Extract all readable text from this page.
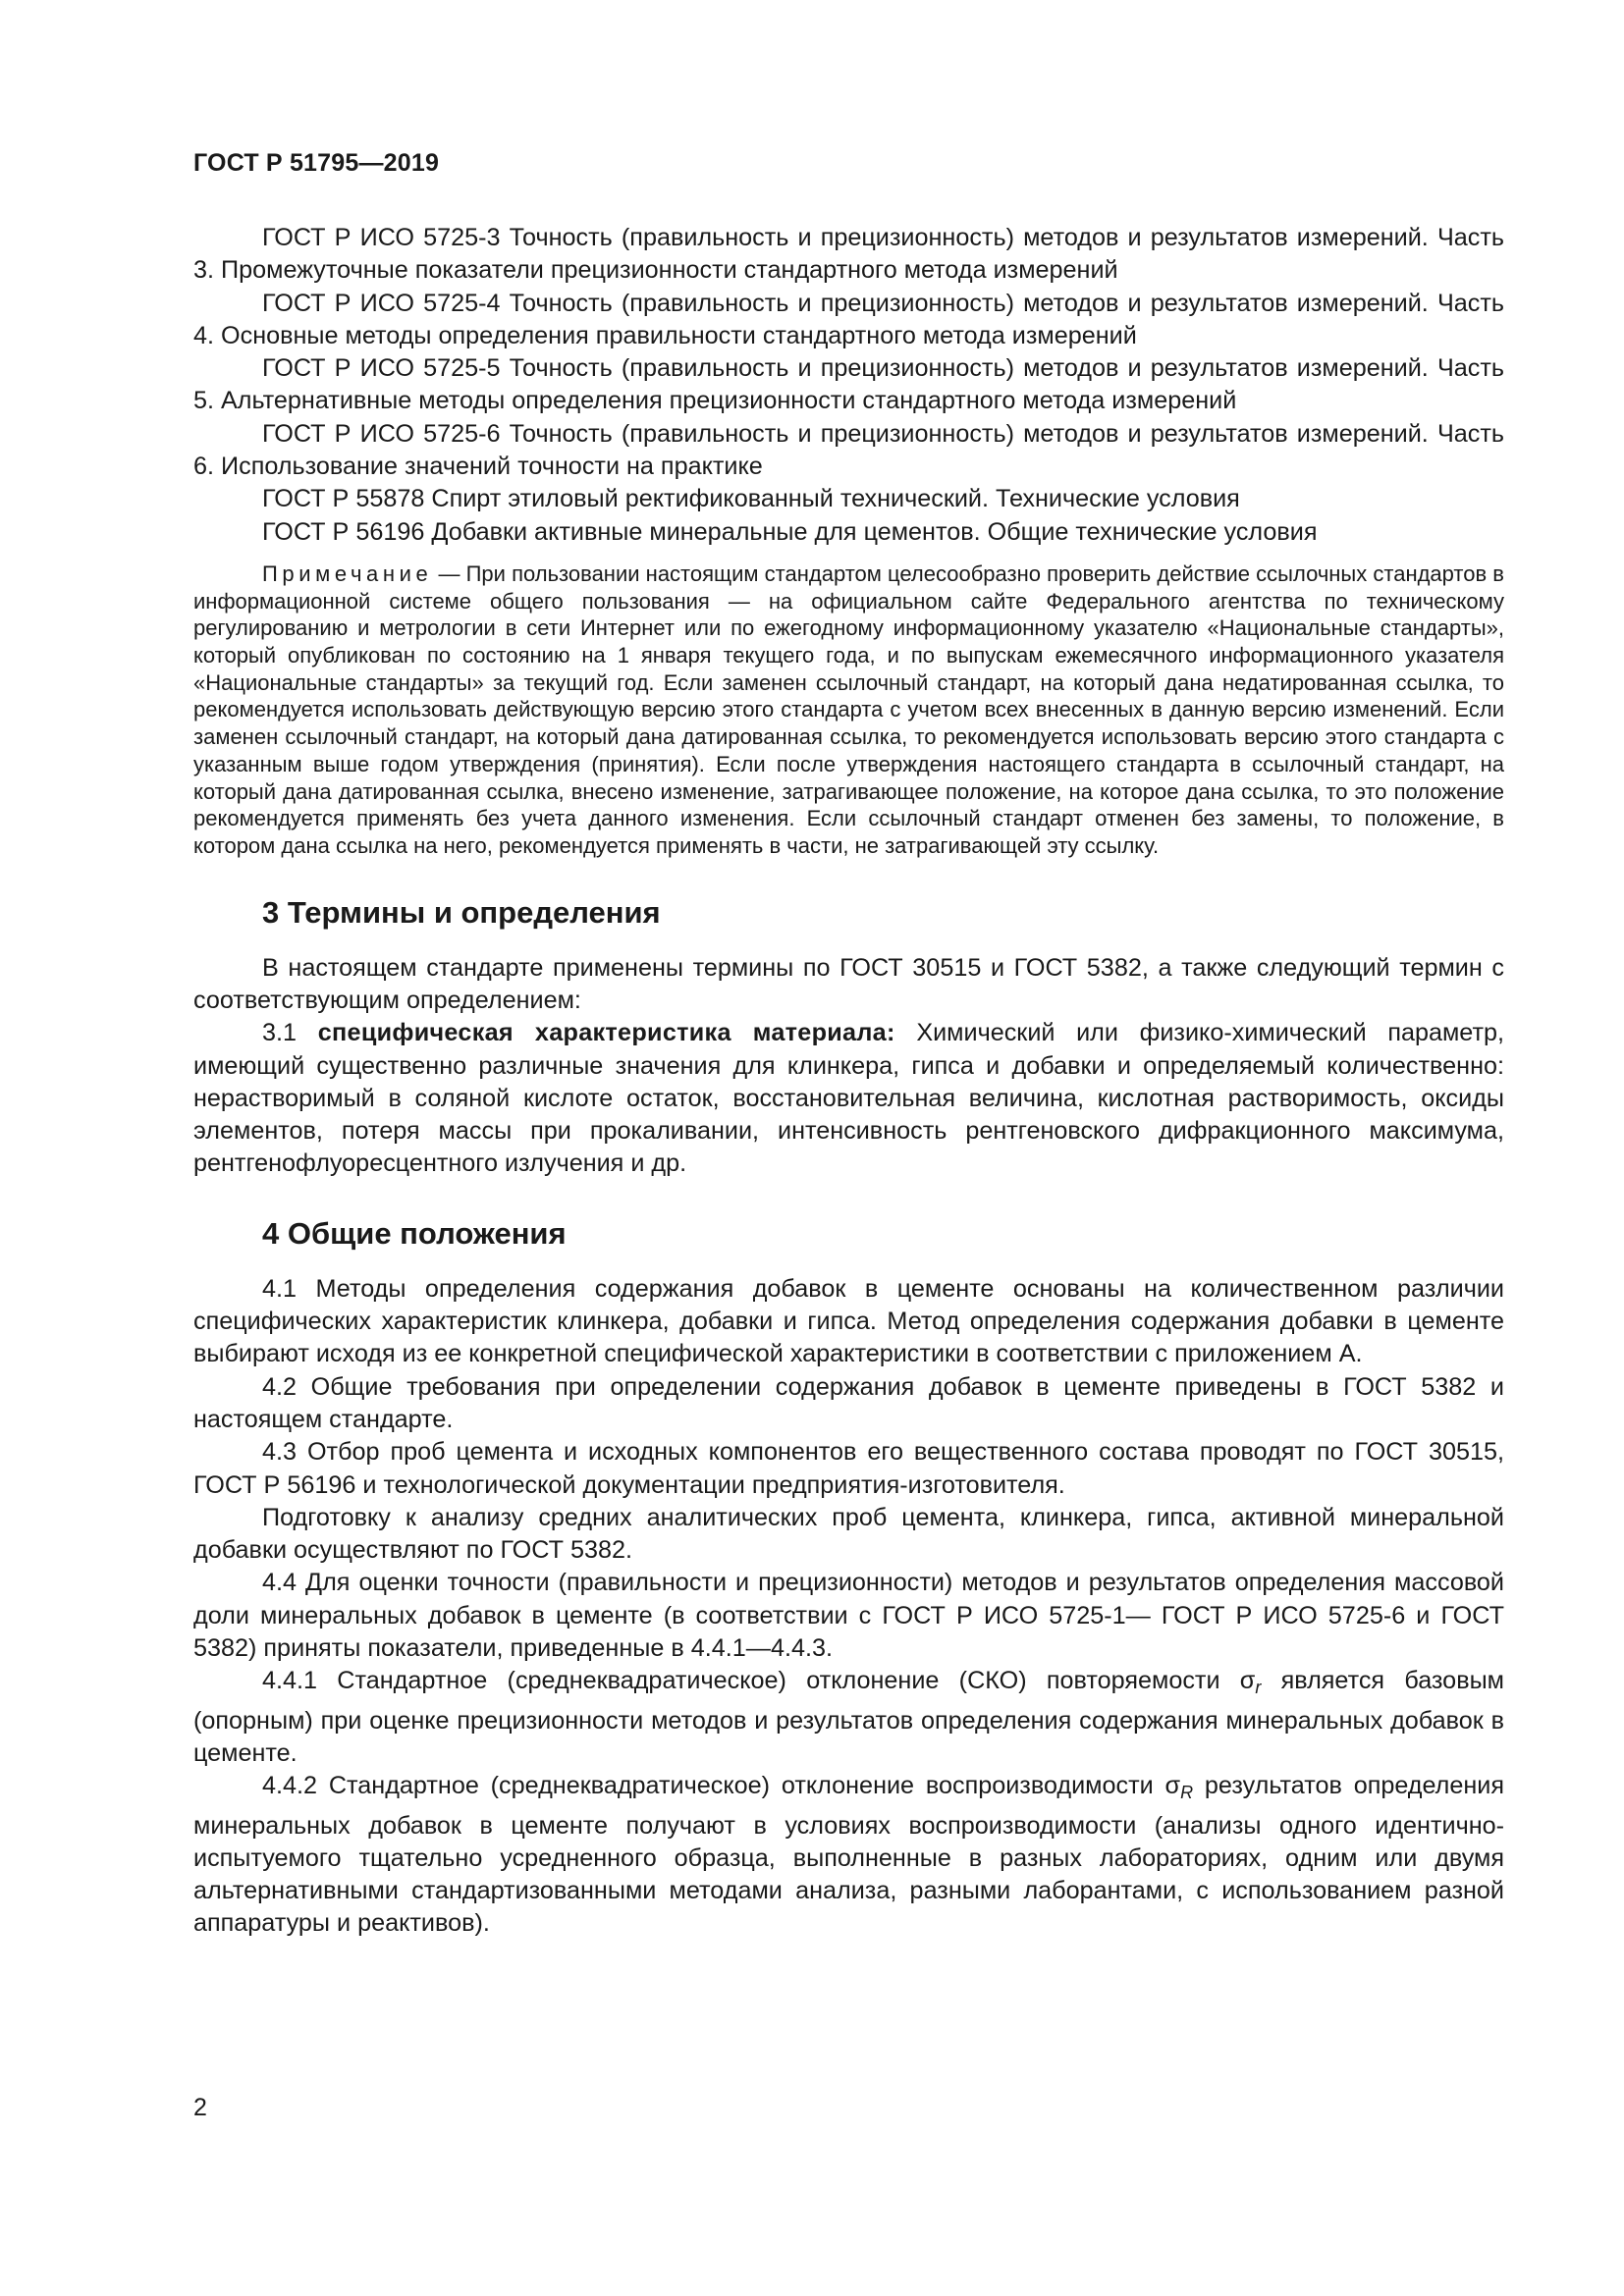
ГОСТ Р 51795—2019

ГОСТ Р ИСО 5725-3 Точность (правильность и прецизионность) методов и результатов измерений. Часть 3. Промежуточные показатели прецизионности стандартного метода измерений

ГОСТ Р ИСО 5725-4 Точность (правильность и прецизионность) методов и результатов измерений. Часть 4. Основные методы определения правильности стандартного метода измерений

ГОСТ Р ИСО 5725-5 Точность (правильность и прецизионность) методов и результатов измерений. Часть 5. Альтернативные методы определения прецизионности стандартного метода измерений

ГОСТ Р ИСО 5725-6 Точность (правильность и прецизионность) методов и результатов измерений. Часть 6. Использование значений точности на практике

ГОСТ Р 55878 Спирт этиловый ректификованный технический. Технические условия

ГОСТ Р 56196 Добавки активные минеральные для цементов. Общие технические условия

Примечание — При пользовании настоящим стандартом целесообразно проверить действие ссылочных стандартов в информационной системе общего пользования — на официальном сайте Федерального агентства по техническому регулированию и метрологии в сети Интернет или по ежегодному информационному указателю «Национальные стандарты», который опубликован по состоянию на 1 января текущего года, и по выпускам ежемесячного информационного указателя «Национальные стандарты» за текущий год. Если заменен ссылочный стандарт, на который дана недатированная ссылка, то рекомендуется использовать действующую версию этого стандарта с учетом всех внесенных в данную версию изменений. Если заменен ссылочный стандарт, на который дана датированная ссылка, то рекомендуется использовать версию этого стандарта с указанным выше годом утверждения (принятия). Если после утверждения настоящего стандарта в ссылочный стандарт, на который дана датированная ссылка, внесено изменение, затрагивающее положение, на которое дана ссылка, то это положение рекомендуется применять без учета данного изменения. Если ссылочный стандарт отменен без замены, то положение, в котором дана ссылка на него, рекомендуется применять в части, не затрагивающей эту ссылку.

3 Термины и определения

В настоящем стандарте применены термины по ГОСТ 30515 и ГОСТ 5382, а также следующий термин с соответствующим определением:

3.1 специфическая характеристика материала: Химический или физико-химический параметр, имеющий существенно различные значения для клинкера, гипса и добавки и определяемый количественно: нерастворимый в соляной кислоте остаток, восстановительная величина, кислотная растворимость, оксиды элементов, потеря массы при прокаливании, интенсивность рентгеновского дифракционного максимума, рентгенофлуоресцентного излучения и др.

4 Общие положения

4.1 Методы определения содержания добавок в цементе основаны на количественном различии специфических характеристик клинкера, добавки и гипса. Метод определения содержания добавки в цементе выбирают исходя из ее конкретной специфической характеристики в соответствии с приложением А.

4.2 Общие требования при определении содержания добавок в цементе приведены в ГОСТ 5382 и настоящем стандарте.

4.3 Отбор проб цемента и исходных компонентов его вещественного состава проводят по ГОСТ 30515, ГОСТ Р 56196 и технологической документации предприятия-изготовителя.

Подготовку к анализу средних аналитических проб цемента, клинкера, гипса, активной минеральной добавки осуществляют по ГОСТ 5382.

4.4 Для оценки точности (правильности и прецизионности) методов и результатов определения массовой доли минеральных добавок в цементе (в соответствии с ГОСТ Р ИСО 5725-1— ГОСТ Р ИСО 5725-6 и ГОСТ 5382) приняты показатели, приведенные в 4.4.1—4.4.3.

4.4.1 Стандартное (среднеквадратическое) отклонение (СКО) повторяемости $\sigma_r$ является базовым (опорным) при оценке прецизионности методов и результатов определения содержания минеральных добавок в цементе.

4.4.2 Стандартное (среднеквадратическое) отклонение воспроизводимости $\sigma_R$ результатов определения минеральных добавок в цементе получают в условиях воспроизводимости (анализы одного идентично-испытуемого тщательно усредненного образца, выполненные в разных лабораториях, одним или двумя альтернативными стандартизованными методами анализа, разными лаборантами, с использованием разной аппаратуры и реактивов).

2
